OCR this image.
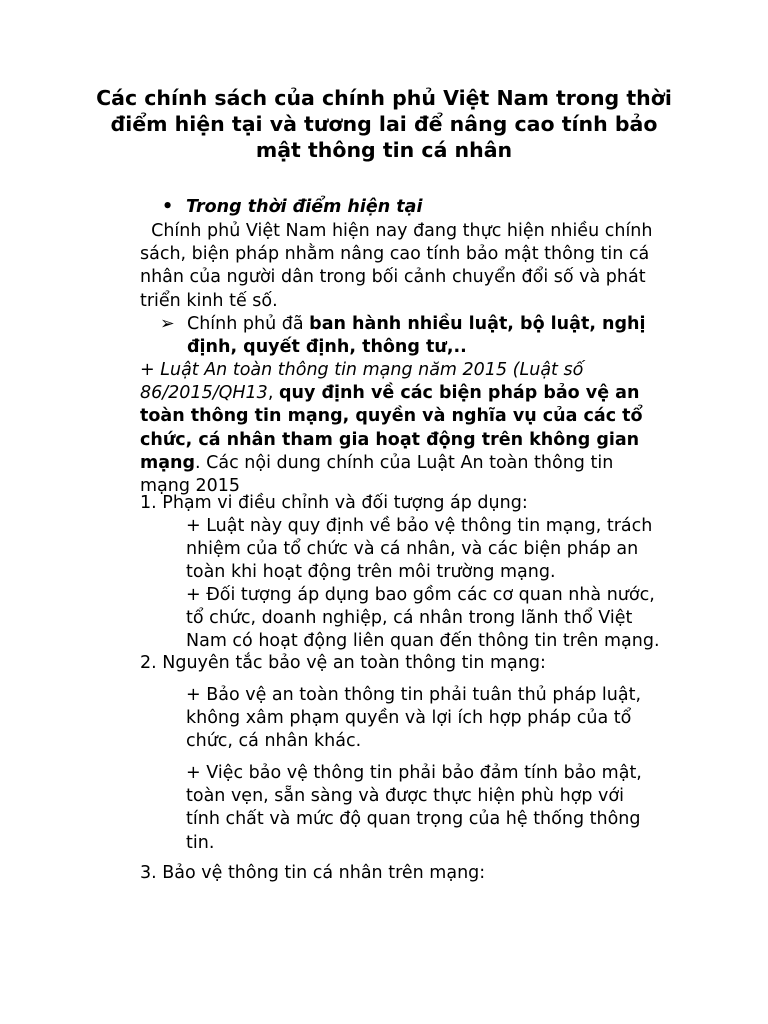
Các chính sách của chính phủ Việt Nam trong thời
điểm hiện tại và tương lai để nâng cao tính bảo
mật thông tin cá nhân
• Trong thời điểm hiện tại
Chính phủ Việt Nam hiện nay đang thực hiện nhiều chính
sách, biện pháp nhằm nâng cao tính bảo mật thông tin cá
nhân của người dân trong bối cảnh chuyển đổi số và phát
triển kinh tế số.
➢ Chính phủ đã ban hành nhiều luật, bộ luật, nghị
định, quyết định, thông tư,..
+ Luật An toàn thông tin mạng năm 2015 (Luật số
86/2015/QH13, quy định về các biện pháp bảo vệ an
toàn thông tin mạng, quyền và nghĩa vụ của các tổ
chức, cá nhân tham gia hoạt động trên không gian
mạng. Các nội dung chính của Luật An toàn thông tin
mạng 2015
1. Phạm vi điều chỉnh và đối tượng áp dụng:
+ Luật này quy định về bảo vệ thông tin mạng, trách
nhiệm của tổ chức và cá nhân, và các biện pháp an
toàn khi hoạt động trên môi trường mạng.
+ Đối tượng áp dụng bao gồm các cơ quan nhà nước,
tổ chức, doanh nghiệp, cá nhân trong lãnh thổ Việt
Nam có hoạt động liên quan đến thông tin trên mạng.
2. Nguyên tắc bảo vệ an toàn thông tin mạng:
+ Bảo vệ an toàn thông tin phải tuân thủ pháp luật,
không xâm phạm quyền và lợi ích hợp pháp của tổ
chức, cá nhân khác.
+ Việc bảo vệ thông tin phải bảo đảm tính bảo mật,
toàn vẹn, sẵn sàng và được thực hiện phù hợp với
tính chất và mức độ quan trọng của hệ thống thông
tin.
3. Bảo vệ thông tin cá nhân trên mạng:
